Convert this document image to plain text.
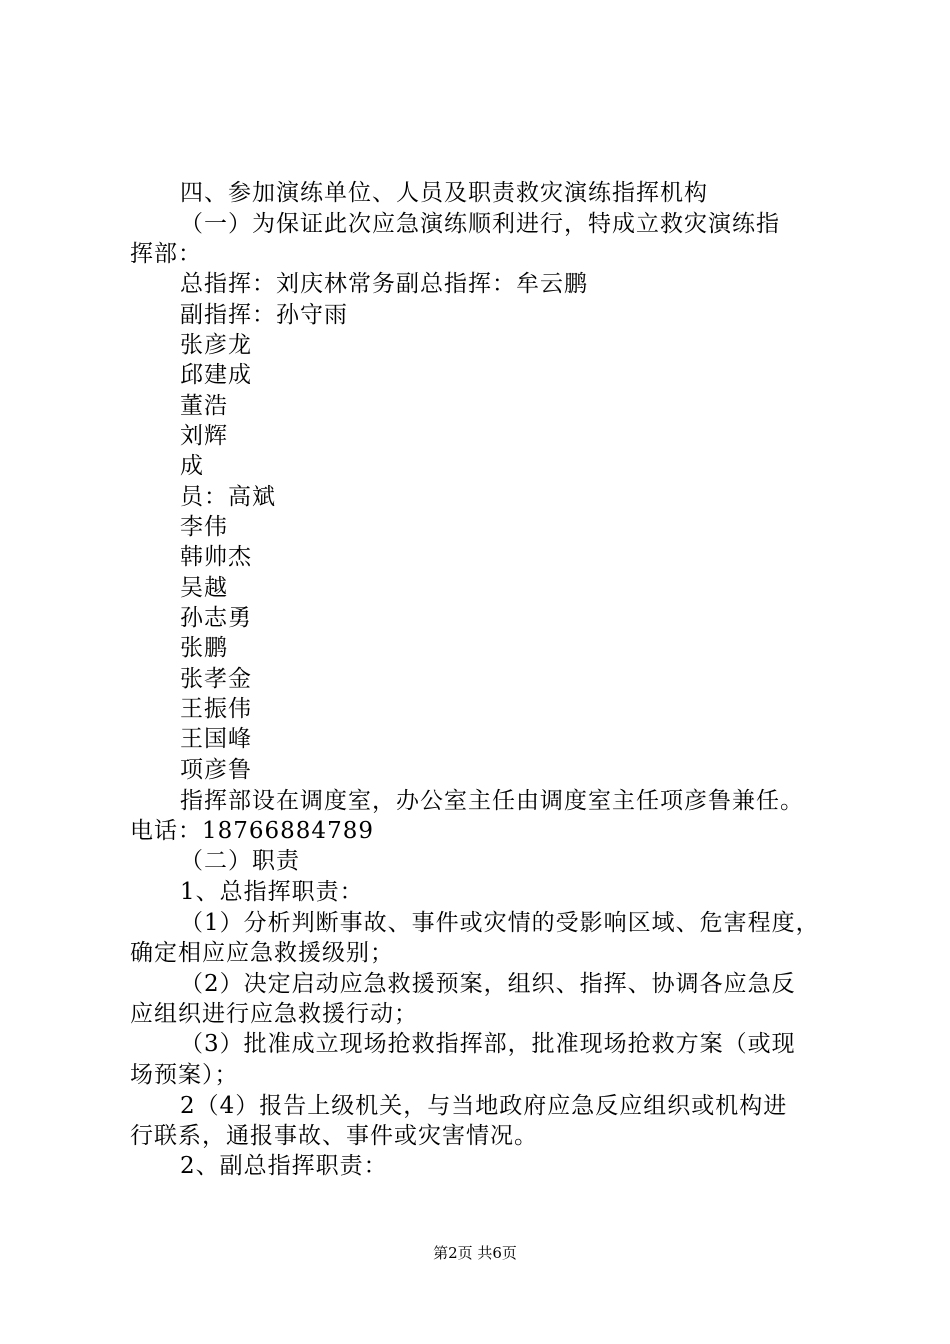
四、参加演练单位、人员及职责救灾演练指挥机构
（一）为保证此次应急演练顺利进行，特成立救灾演练指
挥部：
总指挥：刘庆林常务副总指挥：牟云鹏
副指挥：孙守雨
张彦龙
邱建成
董浩
刘辉
成
员：高斌
李伟
韩帅杰
吴越
孙志勇
张鹏
张孝金
王振伟
王国峰
项彦鲁
指挥部设在调度室，办公室主任由调度室主任项彦鲁兼任。
电话：18766884789
（二）职责
1、总指挥职责：
（1）分析判断事故、事件或灾情的受影响区域、危害程度，
确定相应应急救援级别；
（2）决定启动应急救援预案，组织、指挥、协调各应急反
应组织进行应急救援行动；
（3）批准成立现场抢救指挥部，批准现场抢救方案（或现
场预案）；
2（4）报告上级机关，与当地政府应急反应组织或机构进
行联系，通报事故、事件或灾害情况。
2、副总指挥职责：
第2页 共6页
